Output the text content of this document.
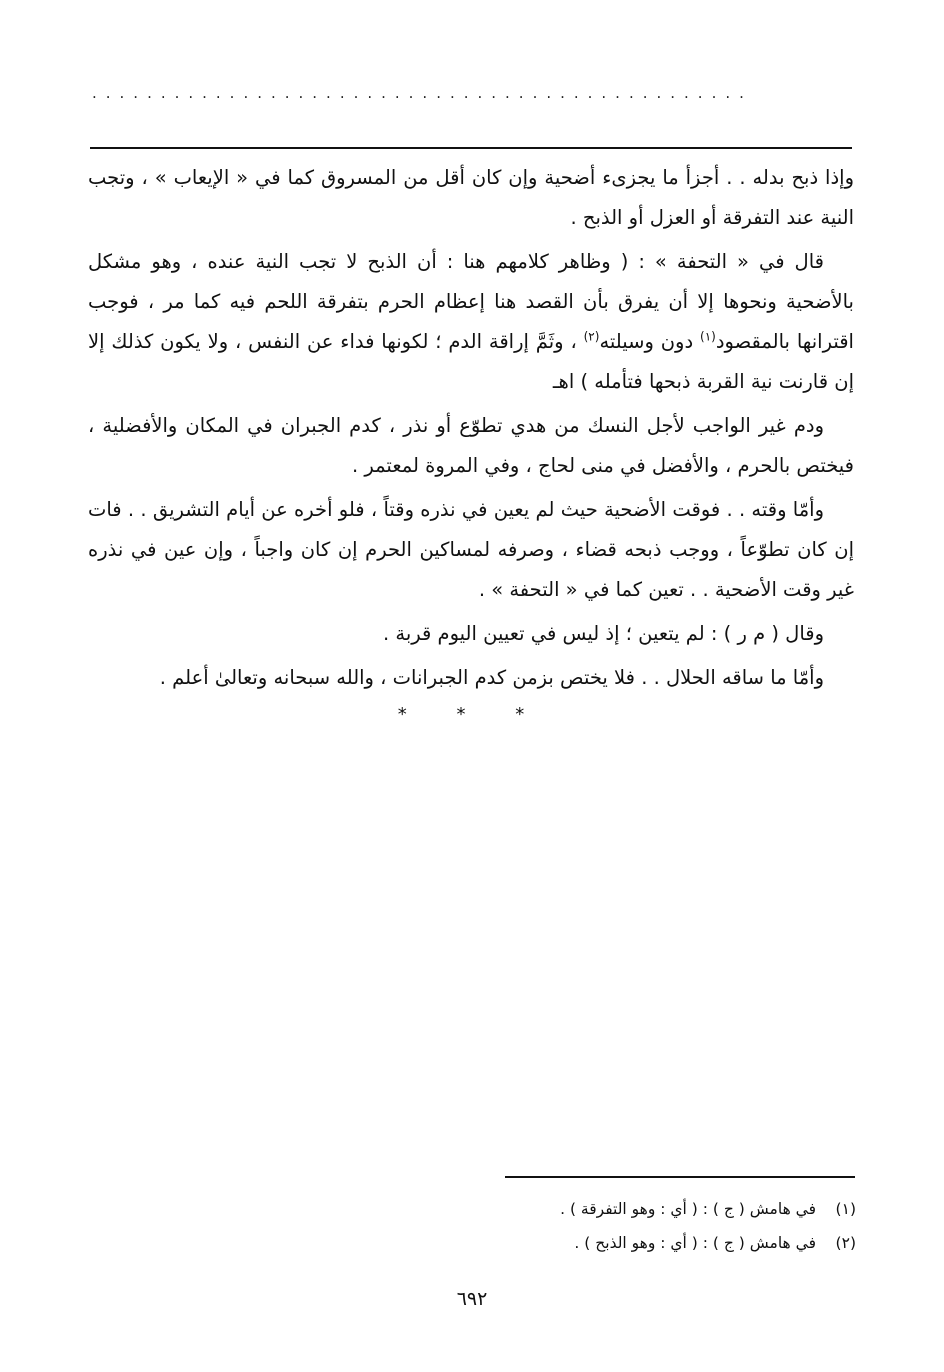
................................................

وإذا ذبح بدله . . أجزأ ما يجزىء أضحية وإن كان أقل من المسروق كما في « الإيعاب » ، وتجب النية عند التفرقة أو العزل أو الذبح .

قال في « التحفة » : ( وظاهر كلامهم هنا : أن الذبح لا تجب النية عنده ، وهو مشكل بالأضحية ونحوها إلا أن يفرق بأن القصد هنا إعظام الحرم بتفرقة اللحم فيه كما مر ، فوجب اقترانها بالمقصود$^{(١)}$ دون وسيلته$^{(٢)}$ ، وثَمَّ إراقة الدم ؛ لكونها فداء عن النفس ، ولا يكون كذلك إلا إن قارنت نية القربة ذبحها فتأمله ) اهـ

ودم غير الواجب لأجل النسك من هدي تطوّع أو نذر ، كدم الجبران في المكان والأفضلية ، فيختص بالحرم ، والأفضل في منى لحاج ، وفي المروة لمعتمر .

وأمّا وقته . . فوقت الأضحية حيث لم يعين في نذره وقتاً ، فلو أخره عن أيام التشريق . . فات إن كان تطوّعاً ، ووجب ذبحه قضاء ، وصرفه لمساكين الحرم إن كان واجباً ، وإن عين في نذره غير وقت الأضحية . . تعين كما في « التحفة » .

وقال ( م ر ) : لم يتعين ؛ إذ ليس في تعيين اليوم قربة .

وأمّا ما ساقه الحلال . . فلا يختص بزمن كدم الجبرانات ، والله سبحانه وتعالىٰ أعلم .

* * *

(١)في هامش ( ج ) : ( أي : وهو التفرقة ) .

(٢)في هامش ( ج ) : ( أي : وهو الذبح ) .

٦٩٢
